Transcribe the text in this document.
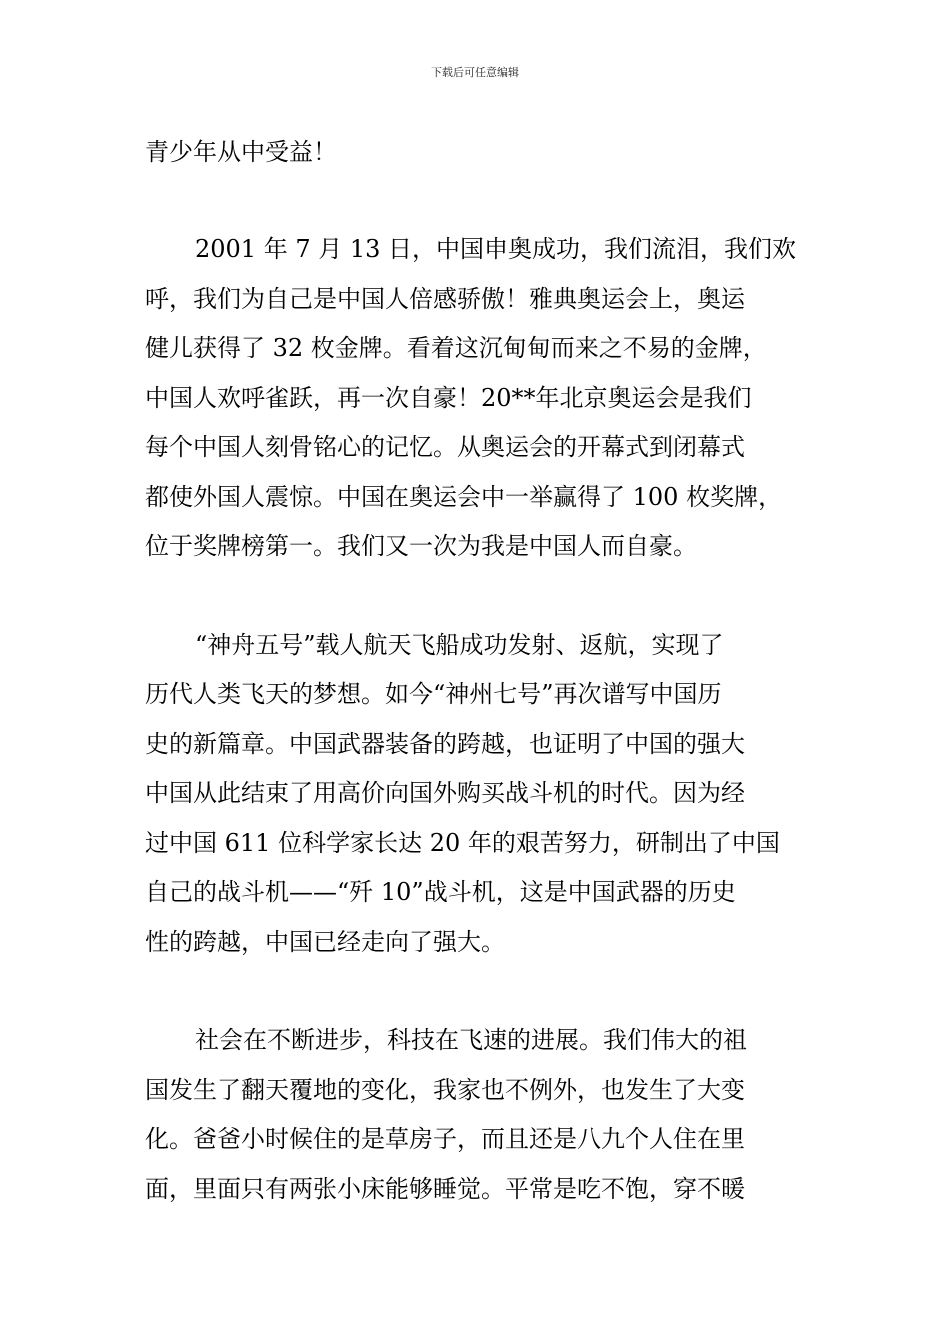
下载后可任意编辑
青少年从中受益！
2001 年 7 月 13 日，中国申奥成功，我们流泪，我们欢
呼，我们为自己是中国人倍感骄傲！雅典奥运会上，奥运
健儿获得了 32 枚金牌。看着这沉甸甸而来之不易的金牌，
中国人欢呼雀跃，再一次自豪！20**年北京奥运会是我们
每个中国人刻骨铭心的记忆。从奥运会的开幕式到闭幕式
都使外国人震惊。中国在奥运会中一举赢得了 100 枚奖牌，
位于奖牌榜第一。我们又一次为我是中国人而自豪。
“神舟五号”载人航天飞船成功发射、返航，实现了
历代人类飞天的梦想。如今“神州七号”再次谱写中国历
史的新篇章。中国武器装备的跨越，也证明了中国的强大
中国从此结束了用高价向国外购买战斗机的时代。因为经
过中国 611 位科学家长达 20 年的艰苦努力，研制出了中国
自己的战斗机——“歼 10”战斗机，这是中国武器的历史
性的跨越，中国已经走向了强大。
社会在不断进步，科技在飞速的进展。我们伟大的祖
国发生了翻天覆地的变化，我家也不例外，也发生了大变
化。爸爸小时候住的是草房子，而且还是八九个人住在里
面，里面只有两张小床能够睡觉。平常是吃不饱，穿不暖
